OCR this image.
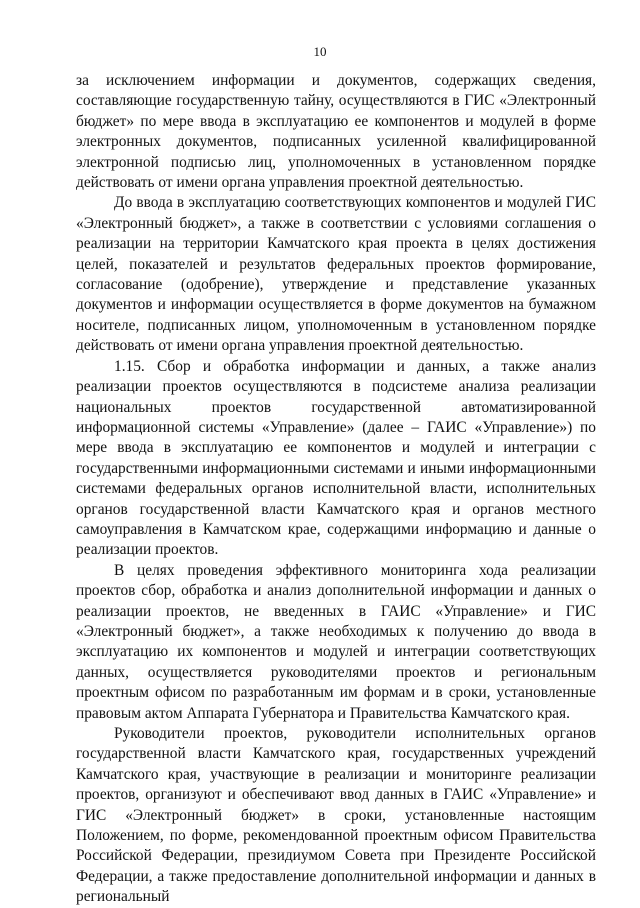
10

за исключением информации и документов, содержащих сведения, составляющие государственную тайну, осуществляются в ГИС «Электронный бюджет» по мере ввода в эксплуатацию ее компонентов и модулей в форме электронных документов, подписанных усиленной квалифицированной электронной подписью лиц, уполномоченных в установленном порядке действовать от имени органа управления проектной деятельностью.

До ввода в эксплуатацию соответствующих компонентов и модулей ГИС «Электронный бюджет», а также в соответствии с условиями соглашения о реализации на территории Камчатского края проекта в целях достижения целей, показателей и результатов федеральных проектов формирование, согласование (одобрение), утверждение и представление указанных документов и информации осуществляется в форме документов на бумажном носителе, подписанных лицом, уполномоченным в установленном порядке действовать от имени органа управления проектной деятельностью.

1.15. Сбор и обработка информации и данных, а также анализ реализации проектов осуществляются в подсистеме анализа реализации национальных проектов государственной автоматизированной информационной системы «Управление» (далее – ГАИС «Управление») по мере ввода в эксплуатацию ее компонентов и модулей и интеграции с государственными информационными системами и иными информационными системами федеральных органов исполнительной власти, исполнительных органов государственной власти Камчатского края и органов местного самоуправления в Камчатском крае, содержащими информацию и данные о реализации проектов.

В целях проведения эффективного мониторинга хода реализации проектов сбор, обработка и анализ дополнительной информации и данных о реализации проектов, не введенных в ГАИС «Управление» и ГИС «Электронный бюджет», а также необходимых к получению до ввода в эксплуатацию их компонентов и модулей и интеграции соответствующих данных, осуществляется руководителями проектов и региональным проектным офисом по разработанным им формам и в сроки, установленные правовым актом Аппарата Губернатора и Правительства Камчатского края.

Руководители проектов, руководители исполнительных органов государственной власти Камчатского края, государственных учреждений Камчатского края, участвующие в реализации и мониторинге реализации проектов, организуют и обеспечивают ввод данных в ГАИС «Управление» и ГИС «Электронный бюджет» в сроки, установленные настоящим Положением, по форме, рекомендованной проектным офисом Правительства Российской Федерации, президиумом Совета при Президенте Российской Федерации, а также предоставление дополнительной информации и данных в региональный
